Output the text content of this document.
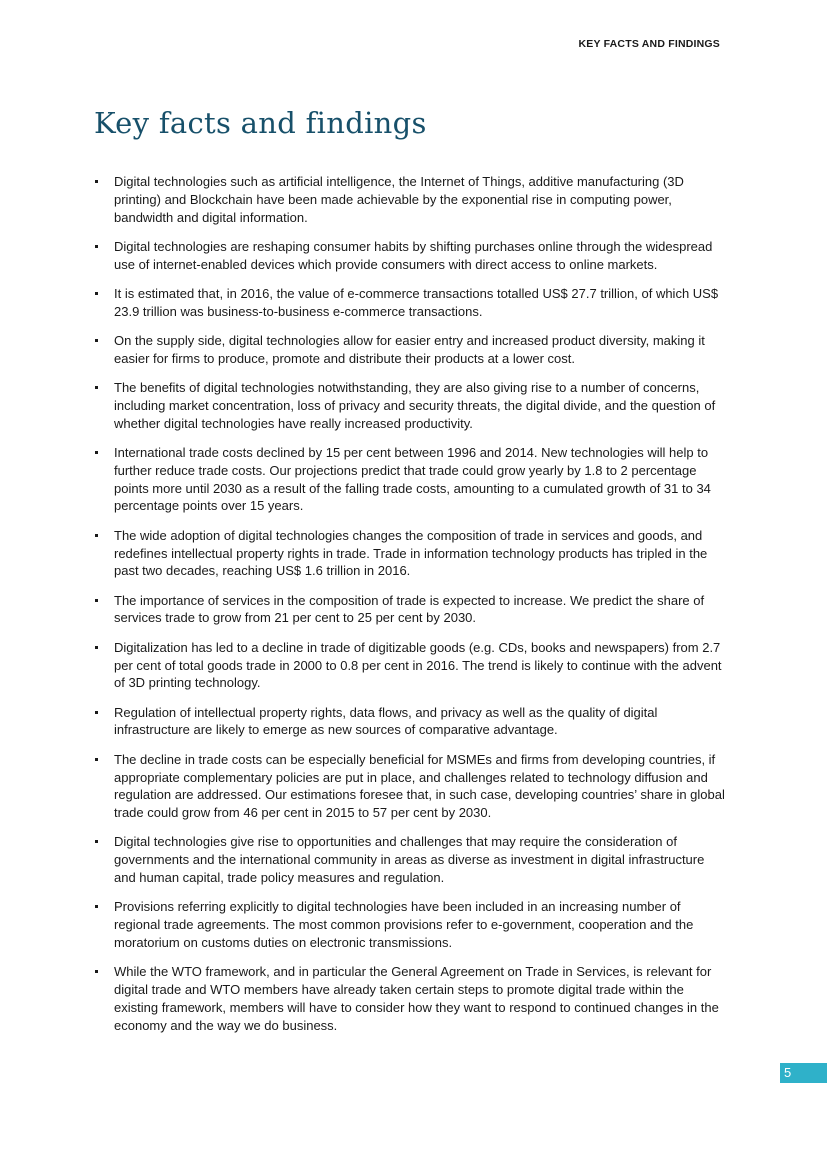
KEY FACTS AND FINDINGS
Key facts and findings
Digital technologies such as artificial intelligence, the Internet of Things, additive manufacturing (3D printing) and Blockchain have been made achievable by the exponential rise in computing power, bandwidth and digital information.
Digital technologies are reshaping consumer habits by shifting purchases online through the widespread use of internet-enabled devices which provide consumers with direct access to online markets.
It is estimated that, in 2016, the value of e-commerce transactions totalled US$ 27.7 trillion, of which US$ 23.9 trillion was business-to-business e-commerce transactions.
On the supply side, digital technologies allow for easier entry and increased product diversity, making it easier for firms to produce, promote and distribute their products at a lower cost.
The benefits of digital technologies notwithstanding, they are also giving rise to a number of concerns, including market concentration, loss of privacy and security threats, the digital divide, and the question of whether digital technologies have really increased productivity.
International trade costs declined by 15 per cent between 1996 and 2014. New technologies will help to further reduce trade costs. Our projections predict that trade could grow yearly by 1.8 to 2 percentage points more until 2030 as a result of the falling trade costs, amounting to a cumulated growth of 31 to 34 percentage points over 15 years.
The wide adoption of digital technologies changes the composition of trade in services and goods, and redefines intellectual property rights in trade. Trade in information technology products has tripled in the past two decades, reaching US$ 1.6 trillion in 2016.
The importance of services in the composition of trade is expected to increase. We predict the share of services trade to grow from 21 per cent to 25 per cent by 2030.
Digitalization has led to a decline in trade of digitizable goods (e.g. CDs, books and newspapers) from 2.7 per cent of total goods trade in 2000 to 0.8 per cent in 2016. The trend is likely to continue with the advent of 3D printing technology.
Regulation of intellectual property rights, data flows, and privacy as well as the quality of digital infrastructure are likely to emerge as new sources of comparative advantage.
The decline in trade costs can be especially beneficial for MSMEs and firms from developing countries, if appropriate complementary policies are put in place, and challenges related to technology diffusion and regulation are addressed. Our estimations foresee that, in such case, developing countries’ share in global trade could grow from 46 per cent in 2015 to 57 per cent by 2030.
Digital technologies give rise to opportunities and challenges that may require the consideration of governments and the international community in areas as diverse as investment in digital infrastructure and human capital, trade policy measures and regulation.
Provisions referring explicitly to digital technologies have been included in an increasing number of regional trade agreements. The most common provisions refer to e-government, cooperation and the moratorium on customs duties on electronic transmissions.
While the WTO framework, and in particular the General Agreement on Trade in Services, is relevant for digital trade and WTO members have already taken certain steps to promote digital trade within the existing framework, members will have to consider how they want to respond to continued changes in the economy and the way we do business.
5
